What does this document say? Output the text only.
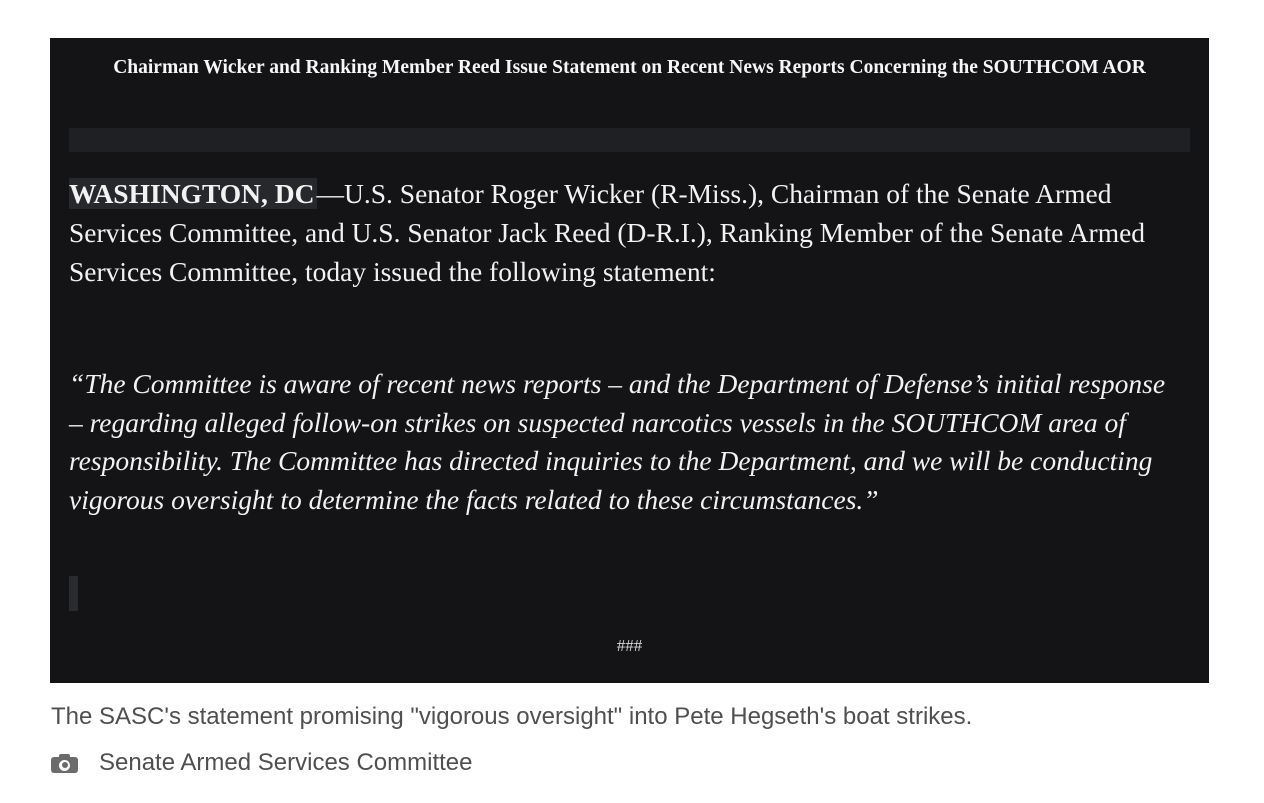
Chairman Wicker and Ranking Member Reed Issue Statement on Recent News Reports Concerning the SOUTHCOM AOR
WASHINGTON, DC—U.S. Senator Roger Wicker (R-Miss.), Chairman of the Senate Armed Services Committee, and U.S. Senator Jack Reed (D-R.I.), Ranking Member of the Senate Armed Services Committee, today issued the following statement:
“The Committee is aware of recent news reports – and the Department of Defense’s initial response – regarding alleged follow-on strikes on suspected narcotics vessels in the SOUTHCOM area of responsibility. The Committee has directed inquiries to the Department, and we will be conducting vigorous oversight to determine the facts related to these circumstances.”
###
The SASC's statement promising "vigorous oversight" into Pete Hegseth's boat strikes.
Senate Armed Services Committee
